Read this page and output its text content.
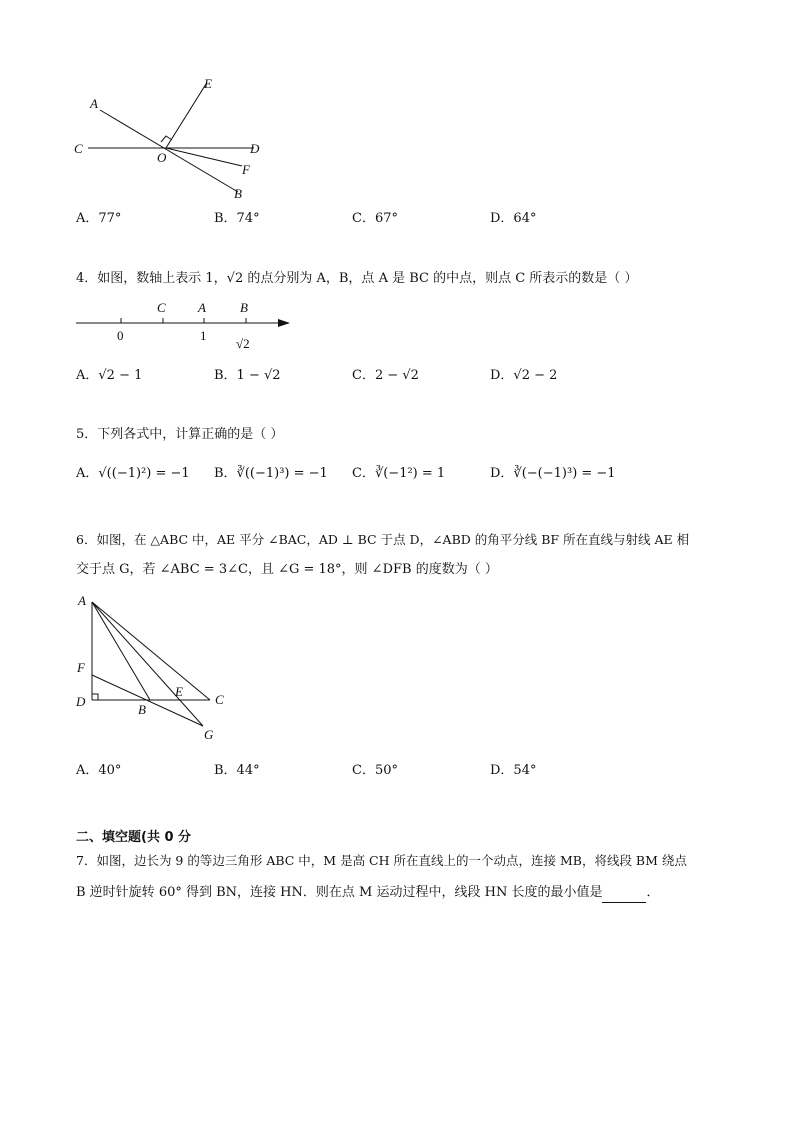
A
E
C
O
D
F
B
A．77°	B．74°	C．67°	D．64°
4．如图，数轴上表示 1，√2 的点分别为 A，B，点 A 是 BC 的中点，则点 C 所表示的数是（ ）
C A	B
0	1
√2
A．√2 − 1	B．1 − √2	C．2 − √2	D．√2 − 2
5．下列各式中，计算正确的是（ ）
A．√((−1)²) = −1 B．∛((−1)³) = −1 C．∛(−1²) = 1	D．∛(−(−1)³) = −1
6．如图，在 △ABC 中，AE 平分 ∠BAC，AD ⊥ BC 于点 D，∠ABD 的角平分线 BF 所在直线与射线 AE 相
交于点 G，若 ∠ABC = 3∠C，且 ∠G = 18°，则 ∠DFB 的度数为（ ）
A
F
D
B
E
C
G
A．40°	B．44°	C．50°	D．54°
二、填空题(共 0 分
7．如图，边长为 9 的等边三角形 ABC 中，M 是高 CH 所在直线上的一个动点，连接 MB，将线段 BM 绕点
B 逆时针旋转 60° 得到 BN，连接 HN．则在点 M 运动过程中，线段 HN 长度的最小值是	．
